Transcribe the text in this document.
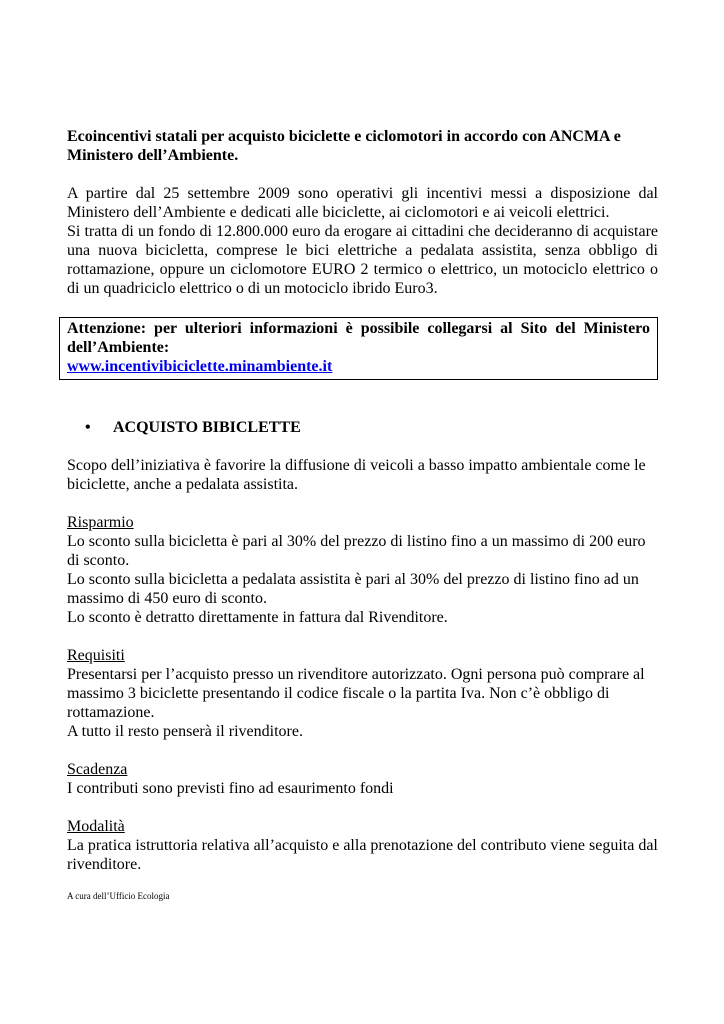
Ecoincentivi statali per acquisto biciclette e ciclomotori in accordo con ANCMA e
Ministero dell’Ambiente.

A partire dal 25 settembre 2009 sono operativi gli incentivi messi a disposizione dal Ministero dell’Ambiente e dedicati alle biciclette, ai ciclomotori e ai veicoli elettrici.

Si tratta di un fondo di 12.800.000 euro da erogare ai cittadini che decideranno di acquistare una nuova bicicletta, comprese le bici elettriche a pedalata assistita, senza obbligo di rottamazione, oppure un ciclomotore EURO 2 termico o elettrico, un motociclo elettrico o di un quadriciclo elettrico o di un motociclo ibrido Euro3.

Attenzione: per ulteriori informazioni è possibile collegarsi al Sito del Ministero dell’Ambiente:
www.incentivibiciclette.minambiente.it
•	ACQUISTO BIBICLETTE

Scopo dell’iniziativa è favorire la diffusione di veicoli a basso impatto ambientale come le biciclette, anche a pedalata assistita.

Risparmio

Lo sconto sulla bicicletta è pari al 30% del prezzo di listino fino a un massimo di 200 euro di sconto.

Lo sconto sulla bicicletta a pedalata assistita è pari al 30% del prezzo di listino fino ad un massimo di 450 euro di sconto.

Lo sconto è detratto direttamente in fattura dal Rivenditore.

Requisiti

Presentarsi per l’acquisto presso un rivenditore autorizzato. Ogni persona può comprare al massimo 3 biciclette presentando il codice fiscale o la partita Iva. Non c’è obbligo di rottamazione.

A tutto il resto penserà il rivenditore.

Scadenza

I contributi sono previsti fino ad esaurimento fondi

Modalità

La pratica istruttoria relativa all’acquisto e alla prenotazione del contributo viene seguita dal rivenditore.

A cura dell’Ufficio Ecologia
